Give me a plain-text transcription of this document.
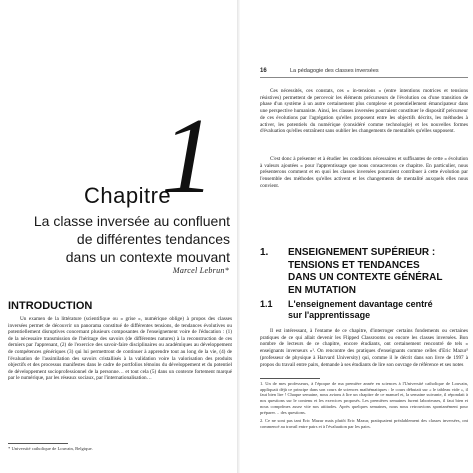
1
Chapitre
La classe inversée au confluent
de différentes tendances
dans un contexte mouvant
Marcel Lebrun*
INTRODUCTION

Un examen de la littérature (scientifique ou « grise », numérique oblige) à propos des classes inversées permet de découvrir un panorama constitué de différentes tensions, de tendances évolutives ou potentiellement disruptives concernant plusieurs composantes de l'enseignement voire de l'éducation : (1) de la nécessaire transmission de l'héritage des savoirs (de différentes natures) à la reconstruction de ces derniers par l'apprenant, (2) de l'exercice des savoir-faire disciplinaires ou académiques au développement de compétences génériques (3) qui lui permettront de continuer à apprendre tout au long de la vie, (4) de l'évaluation de l'assimilation des savoirs cristallisés à la validation voire la valorisation des produits objectifs et des processus manifestes dans le cadre de portfolios témoins du développement et du potentiel de développement socioprofessionnel de la personne… et tout cela (5) dans un contexte fortement marqué par le numérique, par les réseaux sociaux, par l'internationalisation…

* Université catholique de Louvain, Belgique.
16	La pédagogie des classes inversées

Ces nécessités, ces constats, ces « in-tensions » (entre intentions motrices et tensions résistives) permettent de percevoir les éléments précurseurs de l'évolution ou d'une transition de phase d'un système à un autre certainement plus complexe et potentiellement émancipateur dans une perspective humaniste. Ainsi, les classes inversées pourraient constituer le dispositif précurseur de ces évolutions par l'agrégation qu'elles proposent entre les objectifs décrits, les méthodes à activer, les potentiels du numérique (considéré comme technologie) et les nouvelles formes d'évaluation qu'elles entraînent sans oublier les changements de mentalités qu'elles supposent.

C'est donc à présenter et à étudier les conditions nécessaires et suffisantes de cette « évolution à valeurs ajoutées » pour l'apprentissage que nous consacrerons ce chapitre. En particulier, nous présenterons comment et en quoi les classes inversées pourraient contribuer à cette évolution par l'ensemble des méthodes qu'elles activent et les changements de mentalité auxquels elles nous convient.

1. ENSEIGNEMENT SUPÉRIEUR :
TENSIONS ET TENDANCES
DANS UN CONTEXTE GÉNÉRAL
EN MUTATION
1.1 L'enseignement davantage centré
sur l'apprentissage

Il est intéressant, à l'entame de ce chapitre, d'interroger certains fondements ou certaines pratiques de ce qui allait devenir les Flipped Classrooms ou encore les classes inversées. Bon nombre de lecteurs de ce chapitre, encore étudiants, ont certainement rencontré de tels « enseignants inverseurs »¹. On rencontre des pratiques d'enseignants comme celles d'Eric Mazur² (professeur de physique à Harvard University) qui, comme il le décrit dans son livre de 1997 à propos du travail entre pairs, demande à ses étudiants de lire son ouvrage de référence et ses notes

1. Un de mes professeurs, à l'époque de ma première année en sciences à l'Université catholique de Louvain, appliquait déjà ce principe dans son cours de sciences mathématiques : le cours débutait sur « le tableau vide », il faut bien lire ! Chaque semaine, nous avions à lire un chapitre de ce manuel et, la semaine suivante, il répondait à nos questions sur le contenu et les exercices proposés. Les premières semaines furent laborieuses, il faut bien et nous comprîmes assez vite nos attitudes. Après quelques semaines, nous nous retrouvions spontanément pour préparer… des questions.

2. Ce ne sont pas tant Eric Mazur mais plutôt Eric Mazur, pratiquaient préalablement des classes inversées, ont commencé au travail entre pairs et à l'évaluation par les pairs.
